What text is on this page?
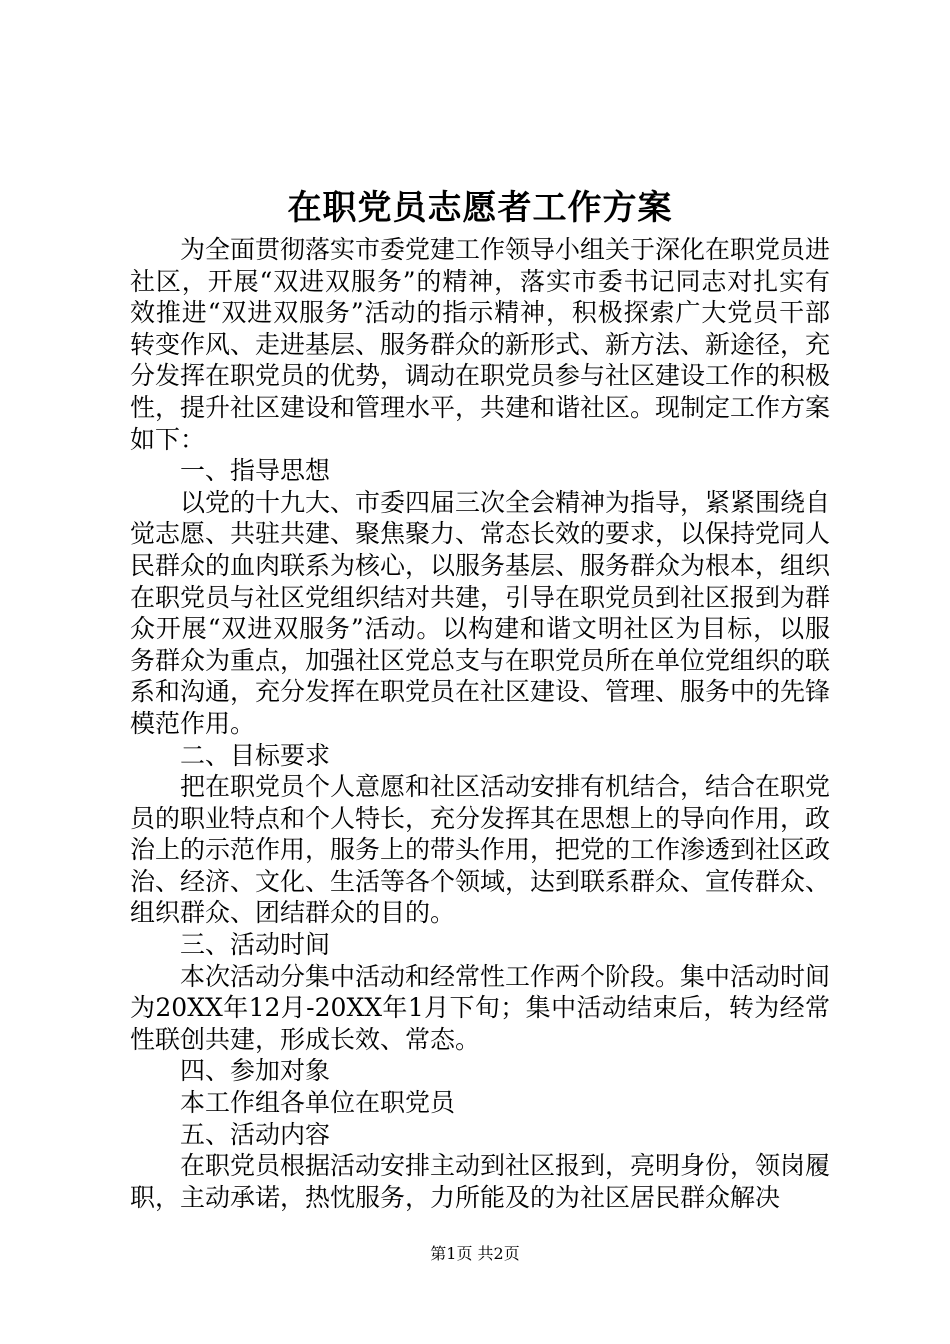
在职党员志愿者工作方案

为全面贯彻落实市委党建工作领导小组关于深化在职党员进社区，开展“双进双服务”的精神，落实市委书记同志对扎实有效推进“双进双服务”活动的指示精神，积极探索广大党员干部转变作风、走进基层、服务群众的新形式、新方法、新途径，充分发挥在职党员的优势，调动在职党员参与社区建设工作的积极性，提升社区建设和管理水平，共建和谐社区。现制定工作方案如下：

一、指导思想

以党的十九大、市委四届三次全会精神为指导，紧紧围绕自觉志愿、共驻共建、聚焦聚力、常态长效的要求，以保持党同人民群众的血肉联系为核心，以服务基层、服务群众为根本，组织在职党员与社区党组织结对共建，引导在职党员到社区报到为群众开展“双进双服务”活动。以构建和谐文明社区为目标，以服务群众为重点，加强社区党总支与在职党员所在单位党组织的联系和沟通，充分发挥在职党员在社区建设、管理、服务中的先锋模范作用。

二、目标要求

把在职党员个人意愿和社区活动安排有机结合，结合在职党员的职业特点和个人特长，充分发挥其在思想上的导向作用，政治上的示范作用，服务上的带头作用，把党的工作渗透到社区政治、经济、文化、生活等各个领域，达到联系群众、宣传群众、组织群众、团结群众的目的。

三、活动时间

本次活动分集中活动和经常性工作两个阶段。集中活动时间为20XX年12月-20XX年1月下旬；集中活动结束后，转为经常性联创共建，形成长效、常态。

四、参加对象

本工作组各单位在职党员

五、活动内容

在职党员根据活动安排主动到社区报到，亮明身份，领岗履职，主动承诺，热忱服务，力所能及的为社区居民群众解决

第1页 共2页
